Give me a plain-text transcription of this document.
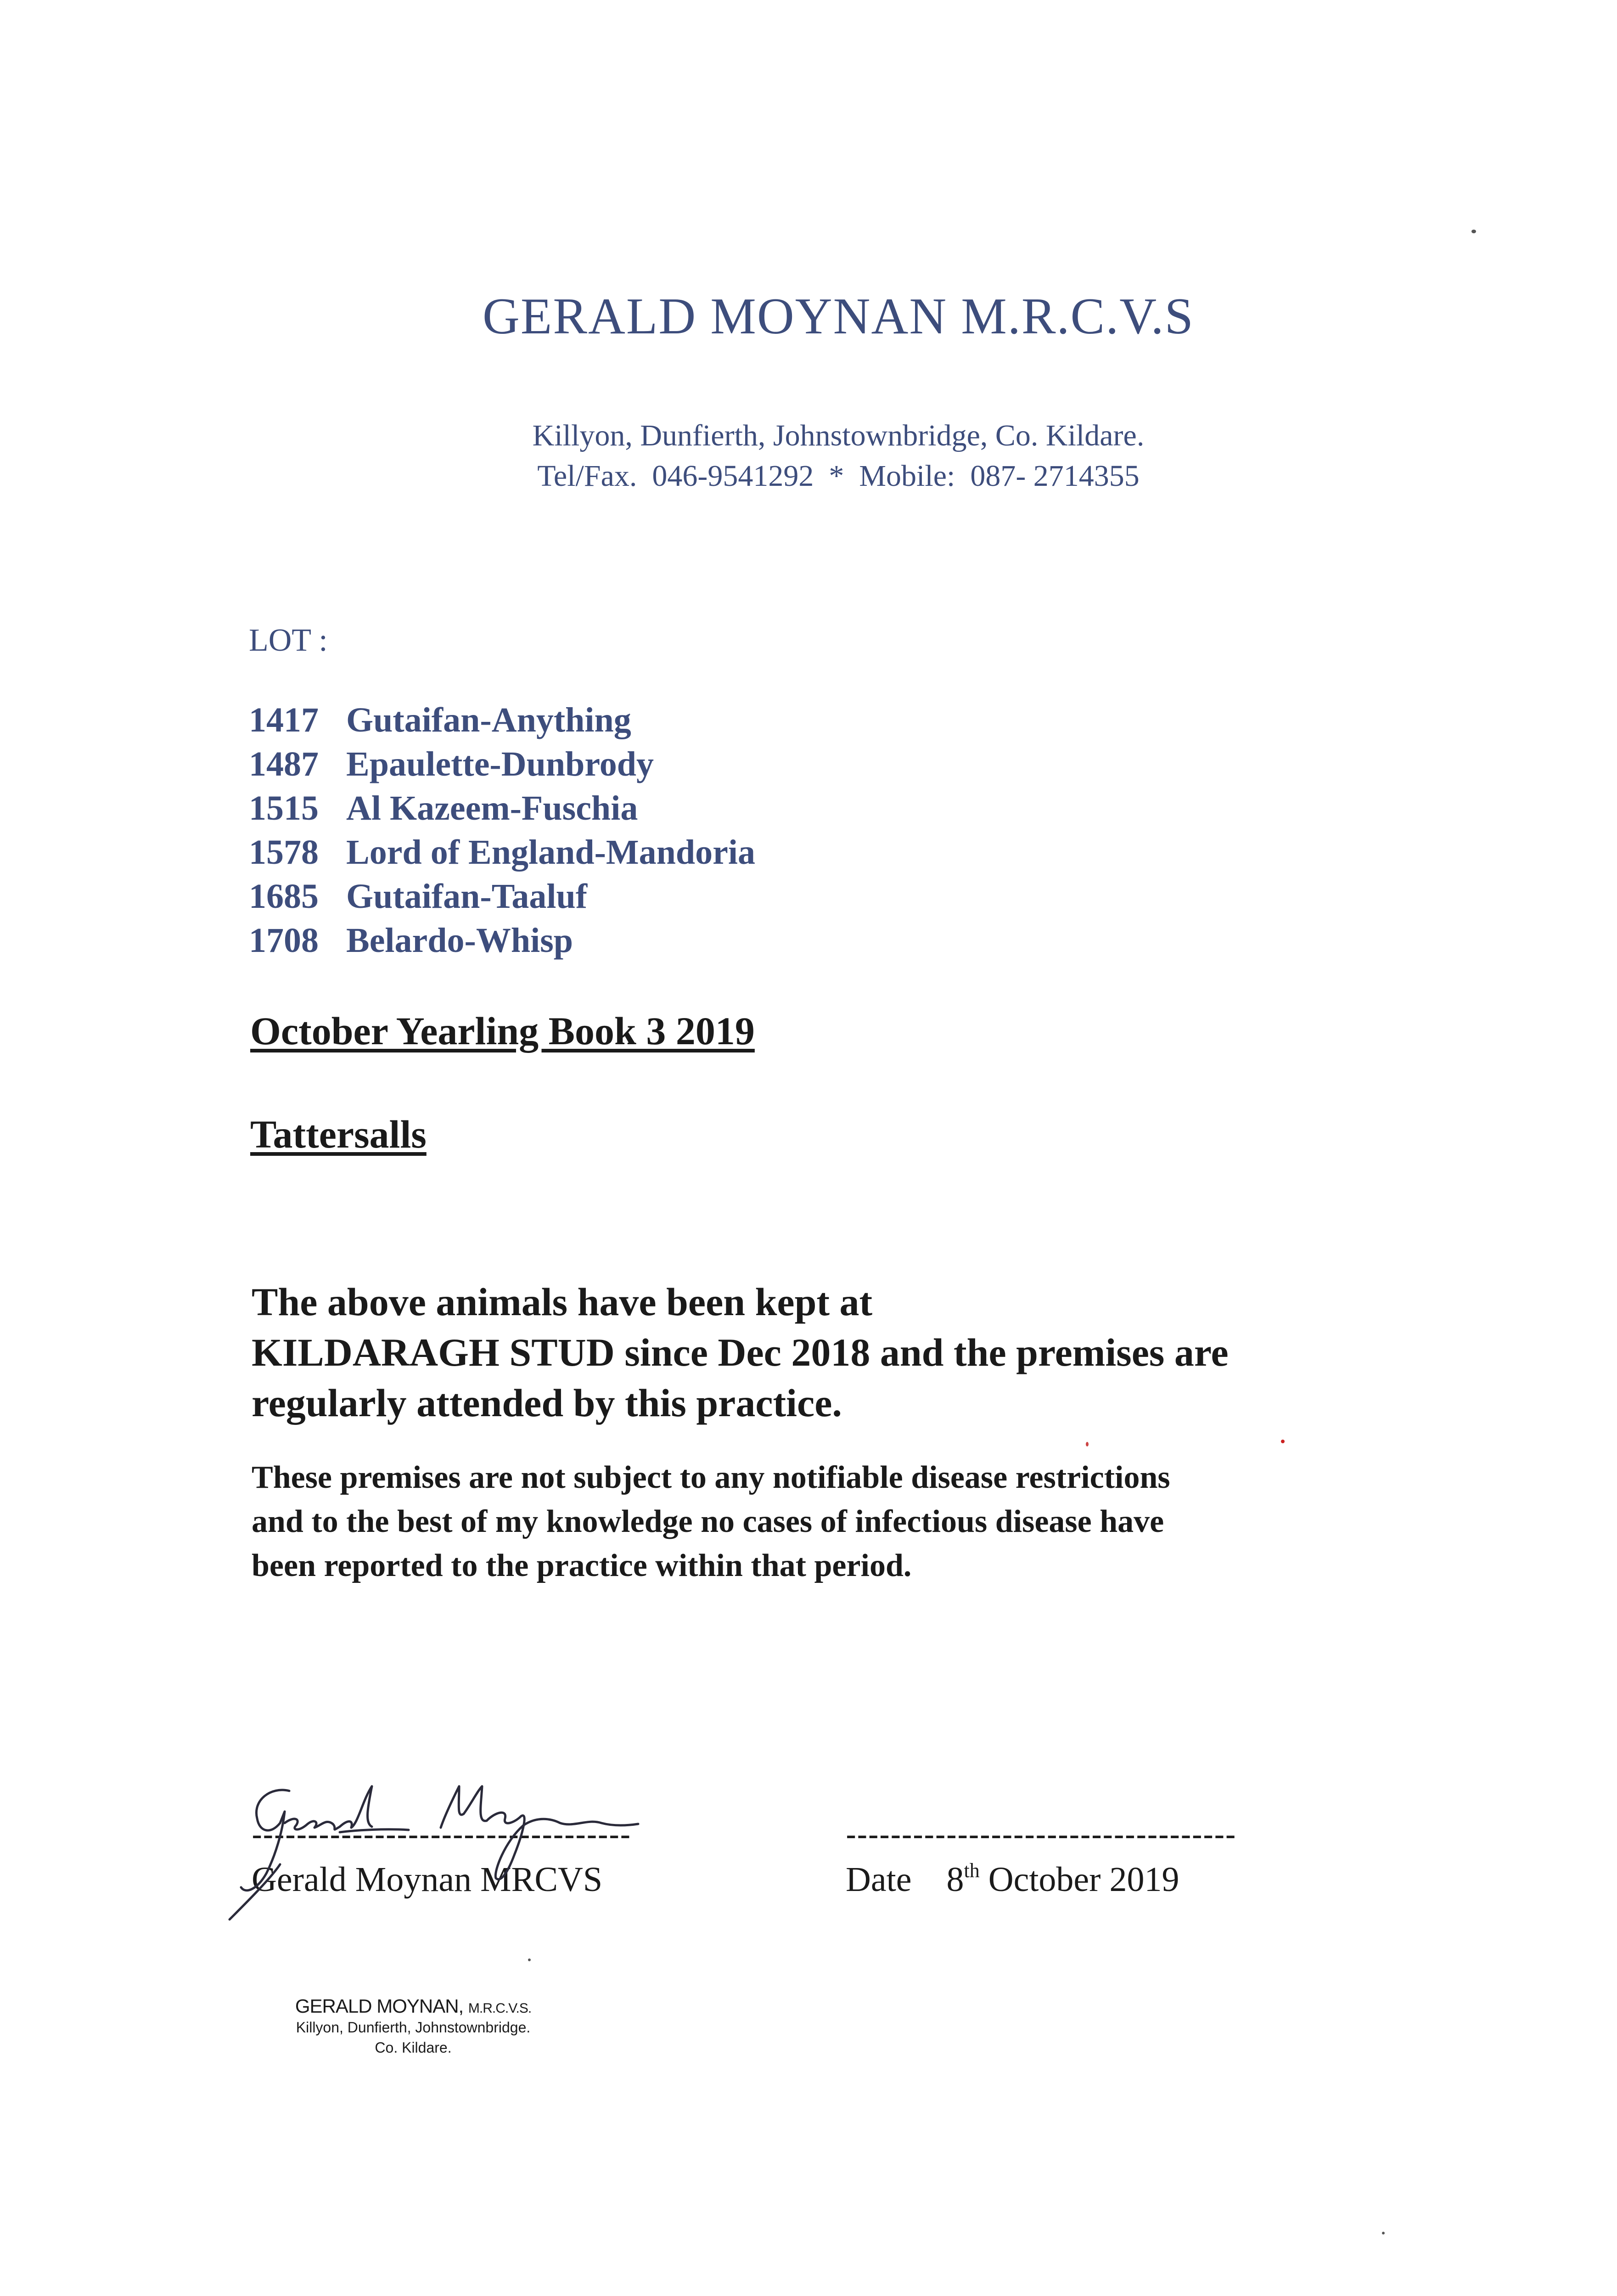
GERALD MOYNAN M.R.C.V.S
Killyon, Dunfierth, Johnstownbridge, Co. Kildare.
Tel/Fax.  046-9541292  *  Mobile:  087- 2714355
LOT :
1417 Gutaifan-Anything
1487 Epaulette-Dunbrody
1515 Al Kazeem-Fuschia
1578 Lord of England-Mandoria
1685 Gutaifan-Taaluf
1708 Belardo-Whisp
October Yearling Book 3 2019
Tattersalls
The above animals have been kept at
KILDARAGH STUD since Dec 2018 and the premises are
regularly attended by this practice.
These premises are not subject to any notifiable disease restrictions
and to the best of my knowledge no cases of infectious disease have
been reported to the practice within that period.
----------------------------------
Gerald Moynan MRCVS
-----------------------------------
Date 8th October 2019
GERALD MOYNAN, M.R.C.V.S.
Killyon, Dunfierth, Johnstownbridge.
Co. Kildare.
